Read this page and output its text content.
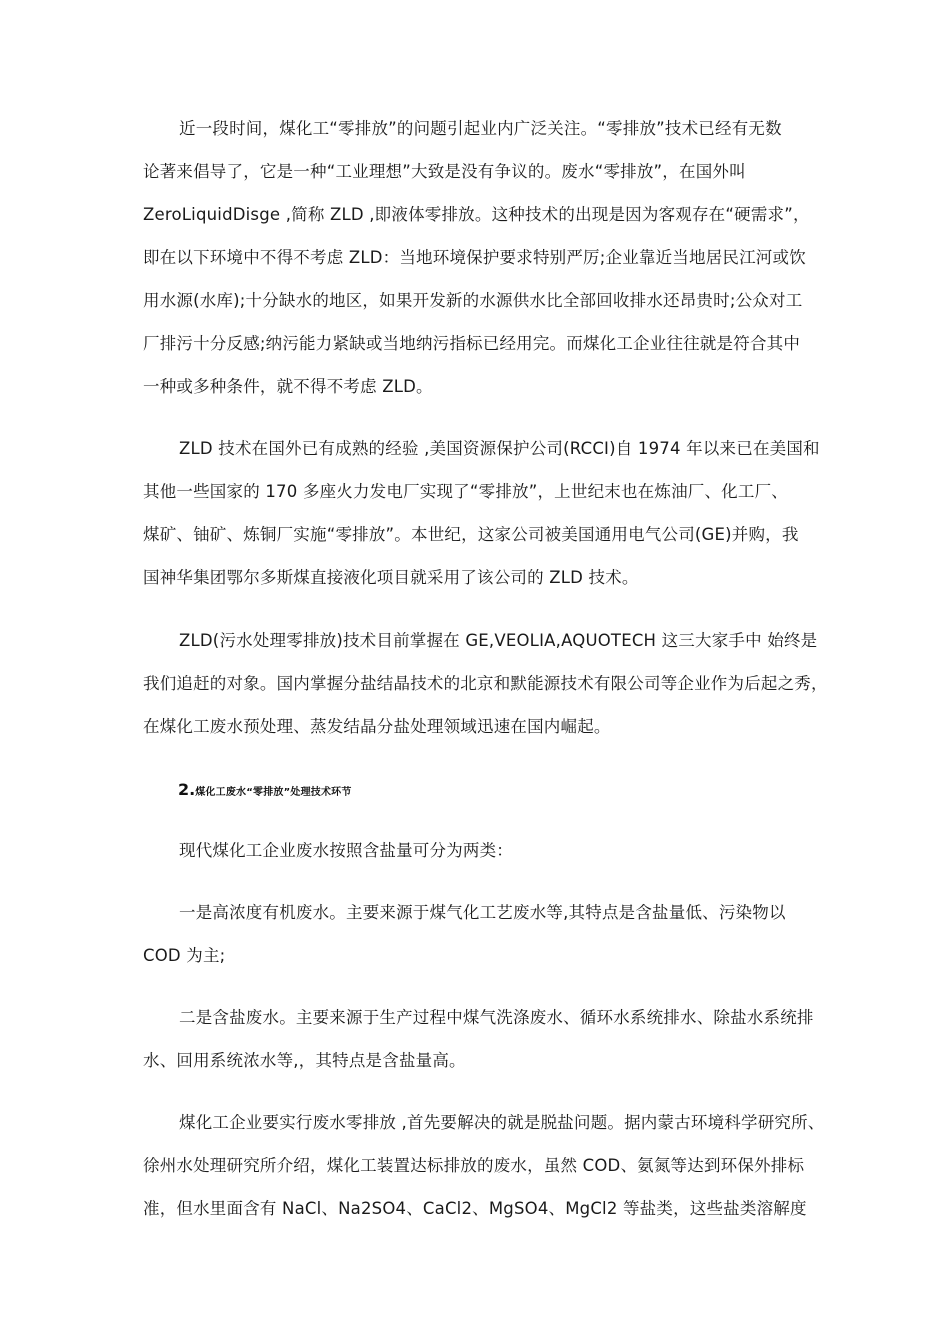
近一段时间，煤化工“零排放”的问题引起业内广泛关注。“零排放”技术已经有无数
论著来倡导了，它是一种“工业理想”大致是没有争议的。废水“零排放”，在国外叫
ZeroLiquidDisge ,简称 ZLD ,即液体零排放。这种技术的出现是因为客观存在“硬需求”，
即在以下环境中不得不考虑 ZLD：当地环境保护要求特别严厉;企业靠近当地居民江河或饮
用水源(水库);十分缺水的地区，如果开发新的水源供水比全部回收排水还昂贵时;公众对工
厂排污十分反感;纳污能力紧缺或当地纳污指标已经用完。而煤化工企业往往就是符合其中
一种或多种条件，就不得不考虑 ZLD。
ZLD 技术在国外已有成熟的经验 ,美国资源保护公司(RCCI)自 1974 年以来已在美国和
其他一些国家的 170 多座火力发电厂实现了“零排放”，上世纪末也在炼油厂、化工厂、
煤矿、铀矿、炼铜厂实施“零排放”。本世纪，这家公司被美国通用电气公司(GE)并购，我
国神华集团鄂尔多斯煤直接液化项目就采用了该公司的 ZLD 技术。
ZLD(污水处理零排放)技术目前掌握在 GE,VEOLIA,AQUOTECH 这三大家手中 始终是
我们追赶的对象。国内掌握分盐结晶技术的北京和默能源技术有限公司等企业作为后起之秀，
在煤化工废水预处理、蒸发结晶分盐处理领域迅速在国内崛起。
2.煤化工废水“零排放”处理技术环节
现代煤化工企业废水按照含盐量可分为两类：
一是高浓度有机废水。主要来源于煤气化工艺废水等,其特点是含盐量低、污染物以
COD 为主;
二是含盐废水。主要来源于生产过程中煤气洗涤废水、循环水系统排水、除盐水系统排
水、回用系统浓水等,，其特点是含盐量高。
煤化工企业要实行废水零排放 ,首先要解决的就是脱盐问题。据内蒙古环境科学研究所、
徐州水处理研究所介绍，煤化工装置达标排放的废水，虽然 COD、氨氮等达到环保外排标
准，但水里面含有 NaCl、Na2SO4、CaCl2、MgSO4、MgCl2 等盐类，这些盐类溶解度
